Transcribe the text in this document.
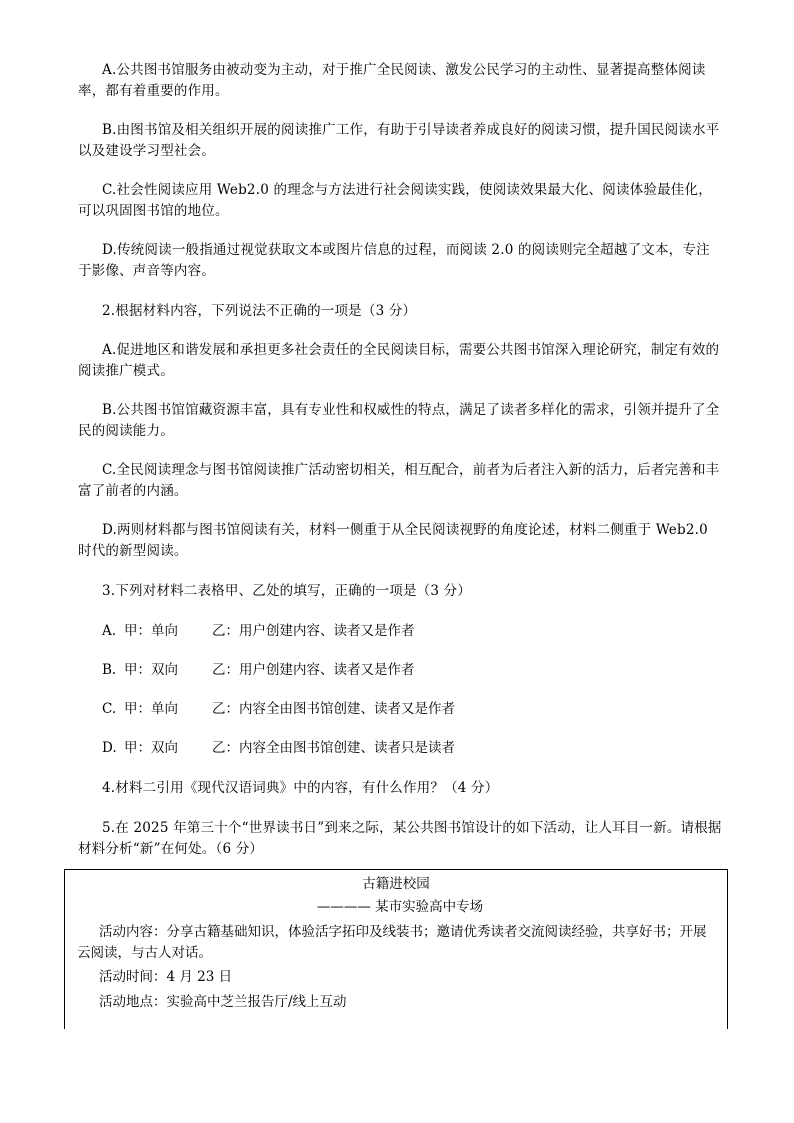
A.公共图书馆服务由被动变为主动，对于推广全民阅读、激发公民学习的主动性、显著提高整体阅读率，都有着重要的作用。

B.由图书馆及相关组织开展的阅读推广工作，有助于引导读者养成良好的阅读习惯，提升国民阅读水平以及建设学习型社会。

C.社会性阅读应用 Web2.0 的理念与方法进行社会阅读实践，使阅读效果最大化、阅读体验最佳化，可以巩固图书馆的地位。

D.传统阅读一般指通过视觉获取文本或图片信息的过程，而阅读 2.0 的阅读则完全超越了文本，专注于影像、声音等内容。

2.根据材料内容，下列说法不正确的一项是（3 分）

A.促进地区和谐发展和承担更多社会责任的全民阅读目标，需要公共图书馆深入理论研究，制定有效的阅读推广模式。

B.公共图书馆馆藏资源丰富，具有专业性和权威性的特点，满足了读者多样化的需求，引领并提升了全民的阅读能力。

C.全民阅读理念与图书馆阅读推广活动密切相关，相互配合，前者为后者注入新的活力，后者完善和丰富了前者的内涵。

D.两则材料都与图书馆阅读有关，材料一侧重于从全民阅读视野的角度论述，材料二侧重于 Web2.0 时代的新型阅读。

3.下列对材料二表格甲、乙处的填写，正确的一项是（3 分）

A. 甲：单向	乙：用户创建内容、读者又是作者
B. 甲：双向	乙：用户创建内容、读者又是作者
C. 甲：单向	乙：内容全由图书馆创建、读者又是作者
D. 甲：双向	乙：内容全由图书馆创建、读者只是读者

4.材料二引用《现代汉语词典》中的内容，有什么作用？（4 分）

5.在 2025 年第三十个“世界读书日”到来之际，某公共图书馆设计的如下活动，让人耳目一新。请根据材料分析“新”在何处。（6 分）

古籍进校园
———— 某市实验高中专场
活动内容：分享古籍基础知识，体验活字拓印及线装书；邀请优秀读者交流阅读经验，共享好书；开展云阅读，与古人对话。
活动时间：4 月 23 日
活动地点：实验高中芝兰报告厅/线上互动
